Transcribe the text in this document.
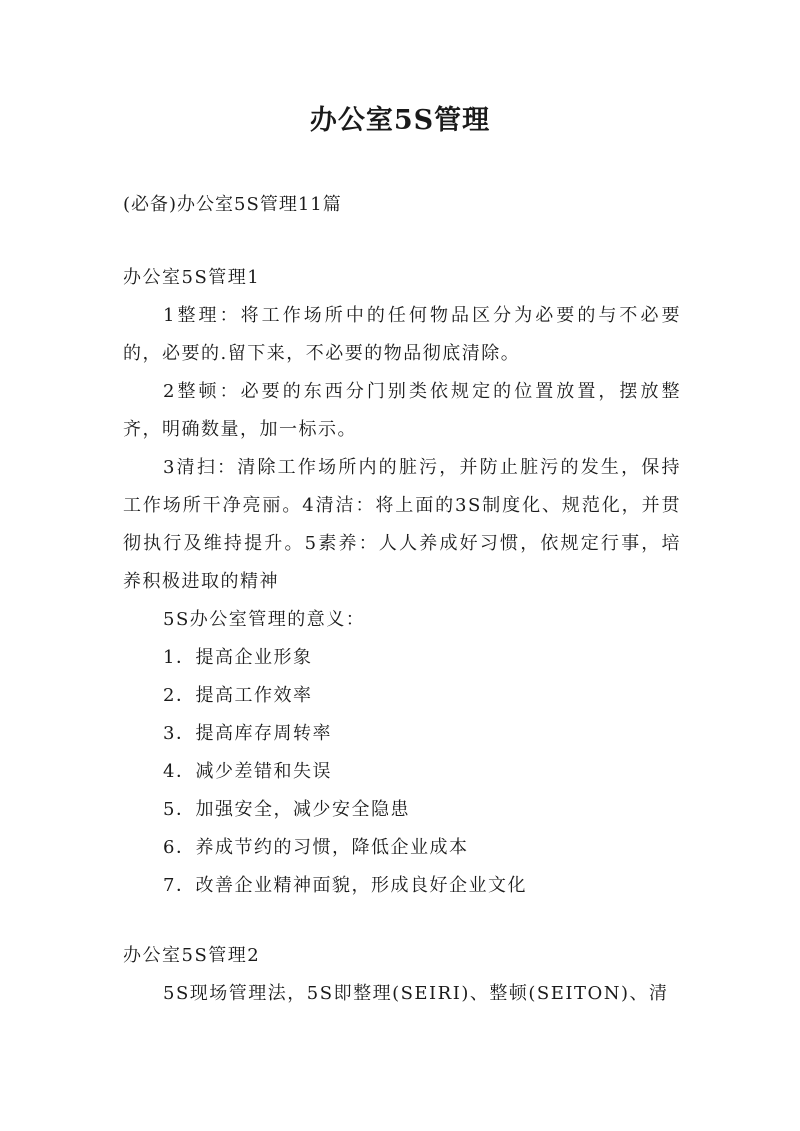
办公室5S管理

(必备)办公室5S管理11篇

办公室5S管理1

1整理：将工作场所中的任何物品区分为必要的与不必要的，必要的.留下来，不必要的物品彻底清除。

2整顿：必要的东西分门别类依规定的位置放置，摆放整齐，明确数量，加一标示。

3清扫：清除工作场所内的脏污，并防止脏污的发生，保持工作场所干净亮丽。4清洁：将上面的3S制度化、规范化，并贯彻执行及维持提升。5素养：人人养成好习惯，依规定行事，培养积极进取的精神

5S办公室管理的意义：

1．提高企业形象

2．提高工作效率

3．提高库存周转率

4．减少差错和失误

5．加强安全，减少安全隐患

6．养成节约的习惯，降低企业成本

7．改善企业精神面貌，形成良好企业文化

办公室5S管理2

5S现场管理法，5S即整理(SEIRI)、整顿(SEITON)、清
